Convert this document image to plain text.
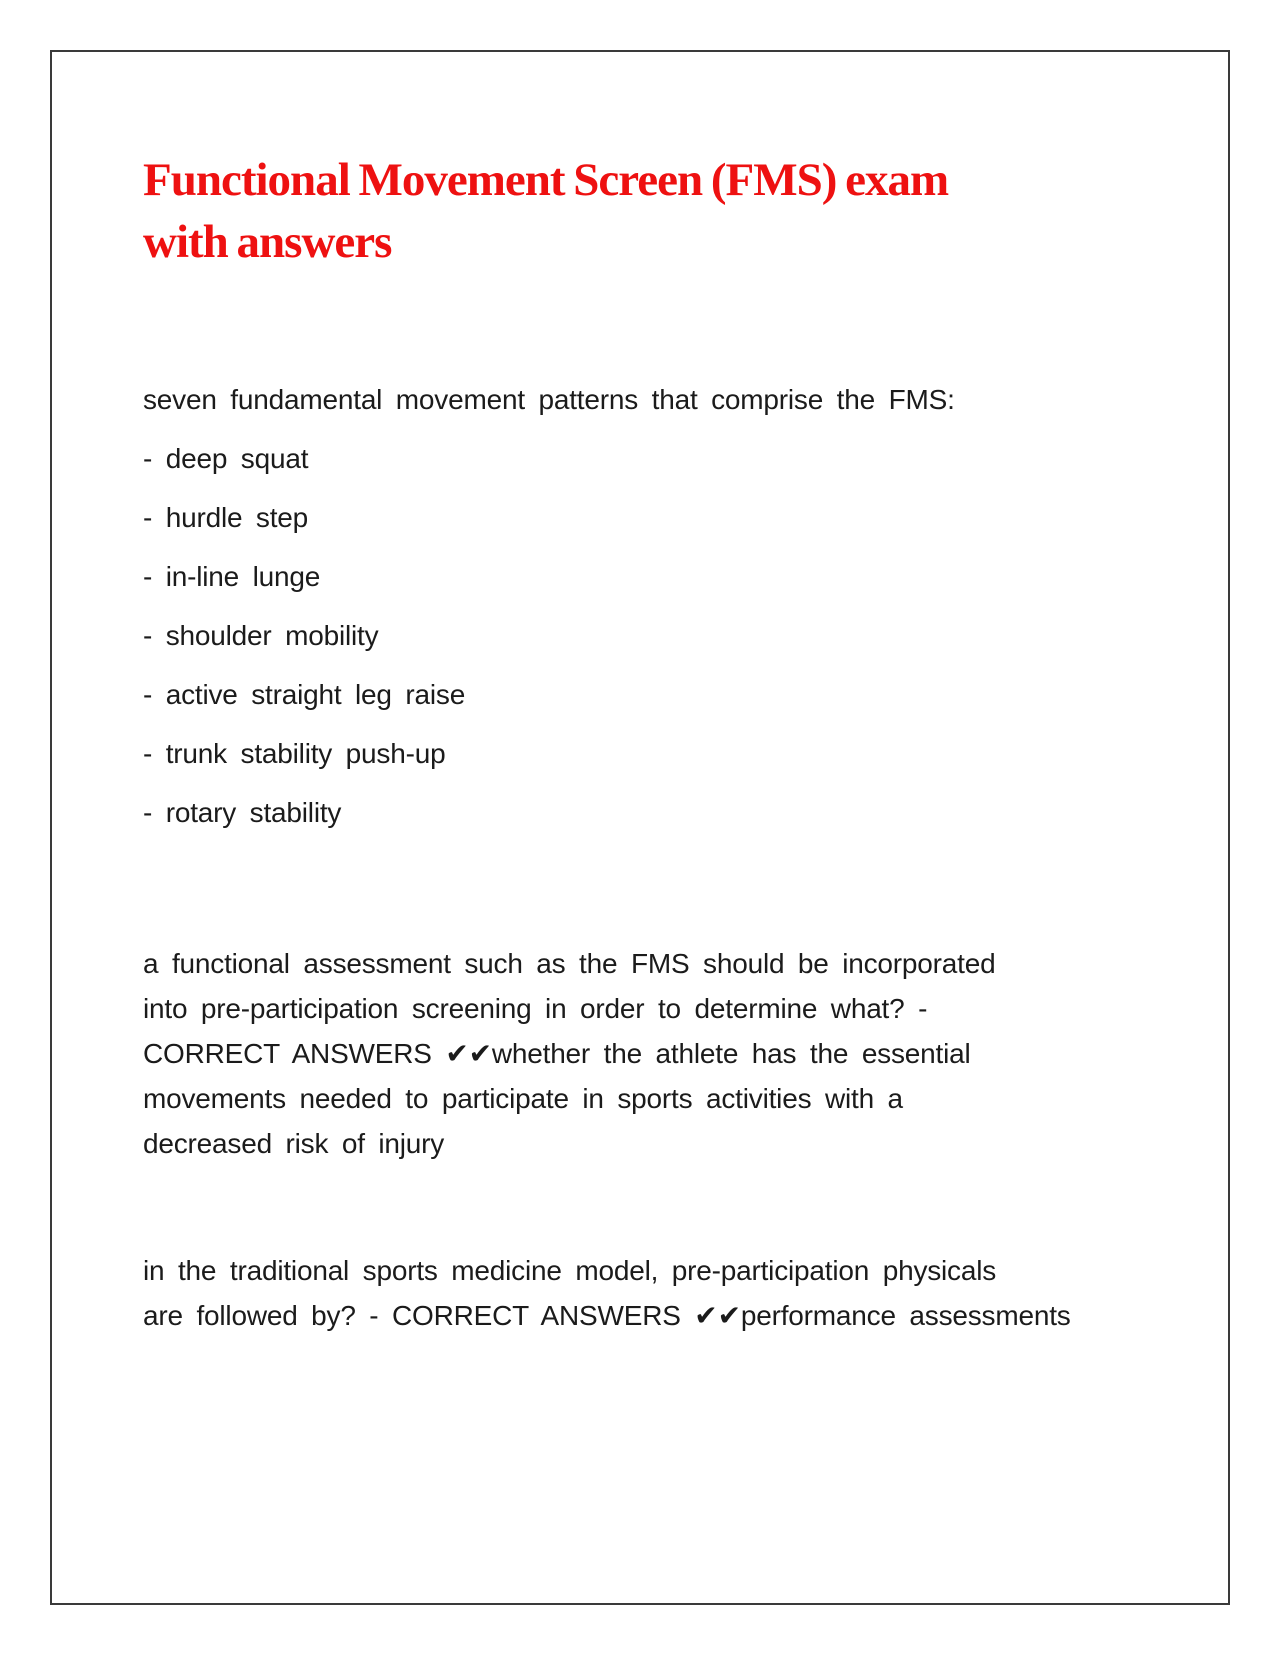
Functional Movement Screen (FMS) exam
with answers
seven fundamental movement patterns that comprise the FMS:
- deep squat
- hurdle step
- in-line lunge
- shoulder mobility
- active straight leg raise
- trunk stability push-up
- rotary stability
a functional assessment such as the FMS should be incorporated
into pre-participation screening in order to determine what? -
CORRECT ANSWERS ✔✔whether the athlete has the essential
movements needed to participate in sports activities with a
decreased risk of injury
in the traditional sports medicine model, pre-participation physicals
are followed by? - CORRECT ANSWERS ✔✔performance assessments
